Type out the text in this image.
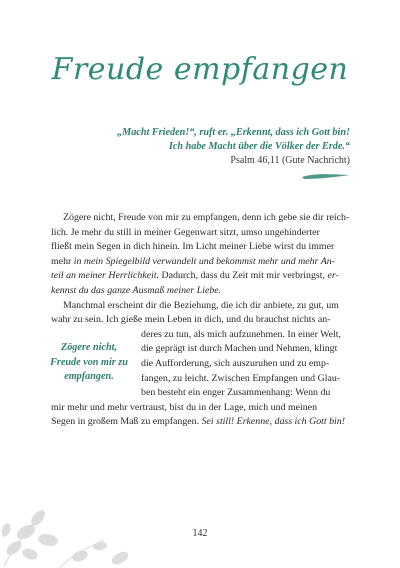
Freude empfangen
„Macht Frieden!“, ruft er. „Erkennt, dass ich Gott bin!
Ich habe Macht über die Völker der Erde.“
Psalm 46,11 (Gute Nachricht)
Zögere nicht, Freude von mir zu empfangen, denn ich gebe sie dir reich-
lich. Je mehr du still in meiner Gegenwart sitzt, umso ungehinderter
fließt mein Segen in dich hinein. Im Licht meiner Liebe wirst du immer
mehr in mein Spiegelbild verwandelt und bekommst mehr und mehr An-
teil an meiner Herrlichkeit. Dadurch, dass du Zeit mit mir verbringst, er-
kennst du das ganze Ausmaß meiner Liebe.
Manchmal erscheint dir die Beziehung, die ich dir anbiete, zu gut, um
wahr zu sein. Ich gieße mein Leben in dich, und du brauchst nichts an-
deres zu tun, als mich aufzunehmen. In einer Welt,
die geprägt ist durch Machen und Nehmen, klingt
die Aufforderung, sich auszuruhen und zu emp-
fangen, zu leicht. Zwischen Empfangen und Glau-
ben besteht ein enger Zusammenhang: Wenn du
mir mehr und mehr vertraust, bist du in der Lage, mich und meinen
Segen in großem Maß zu empfangen. Sei still! Erkenne, dass ich Gott bin!
Zögere nicht,
Freude von mir zu
empfangen.
142
